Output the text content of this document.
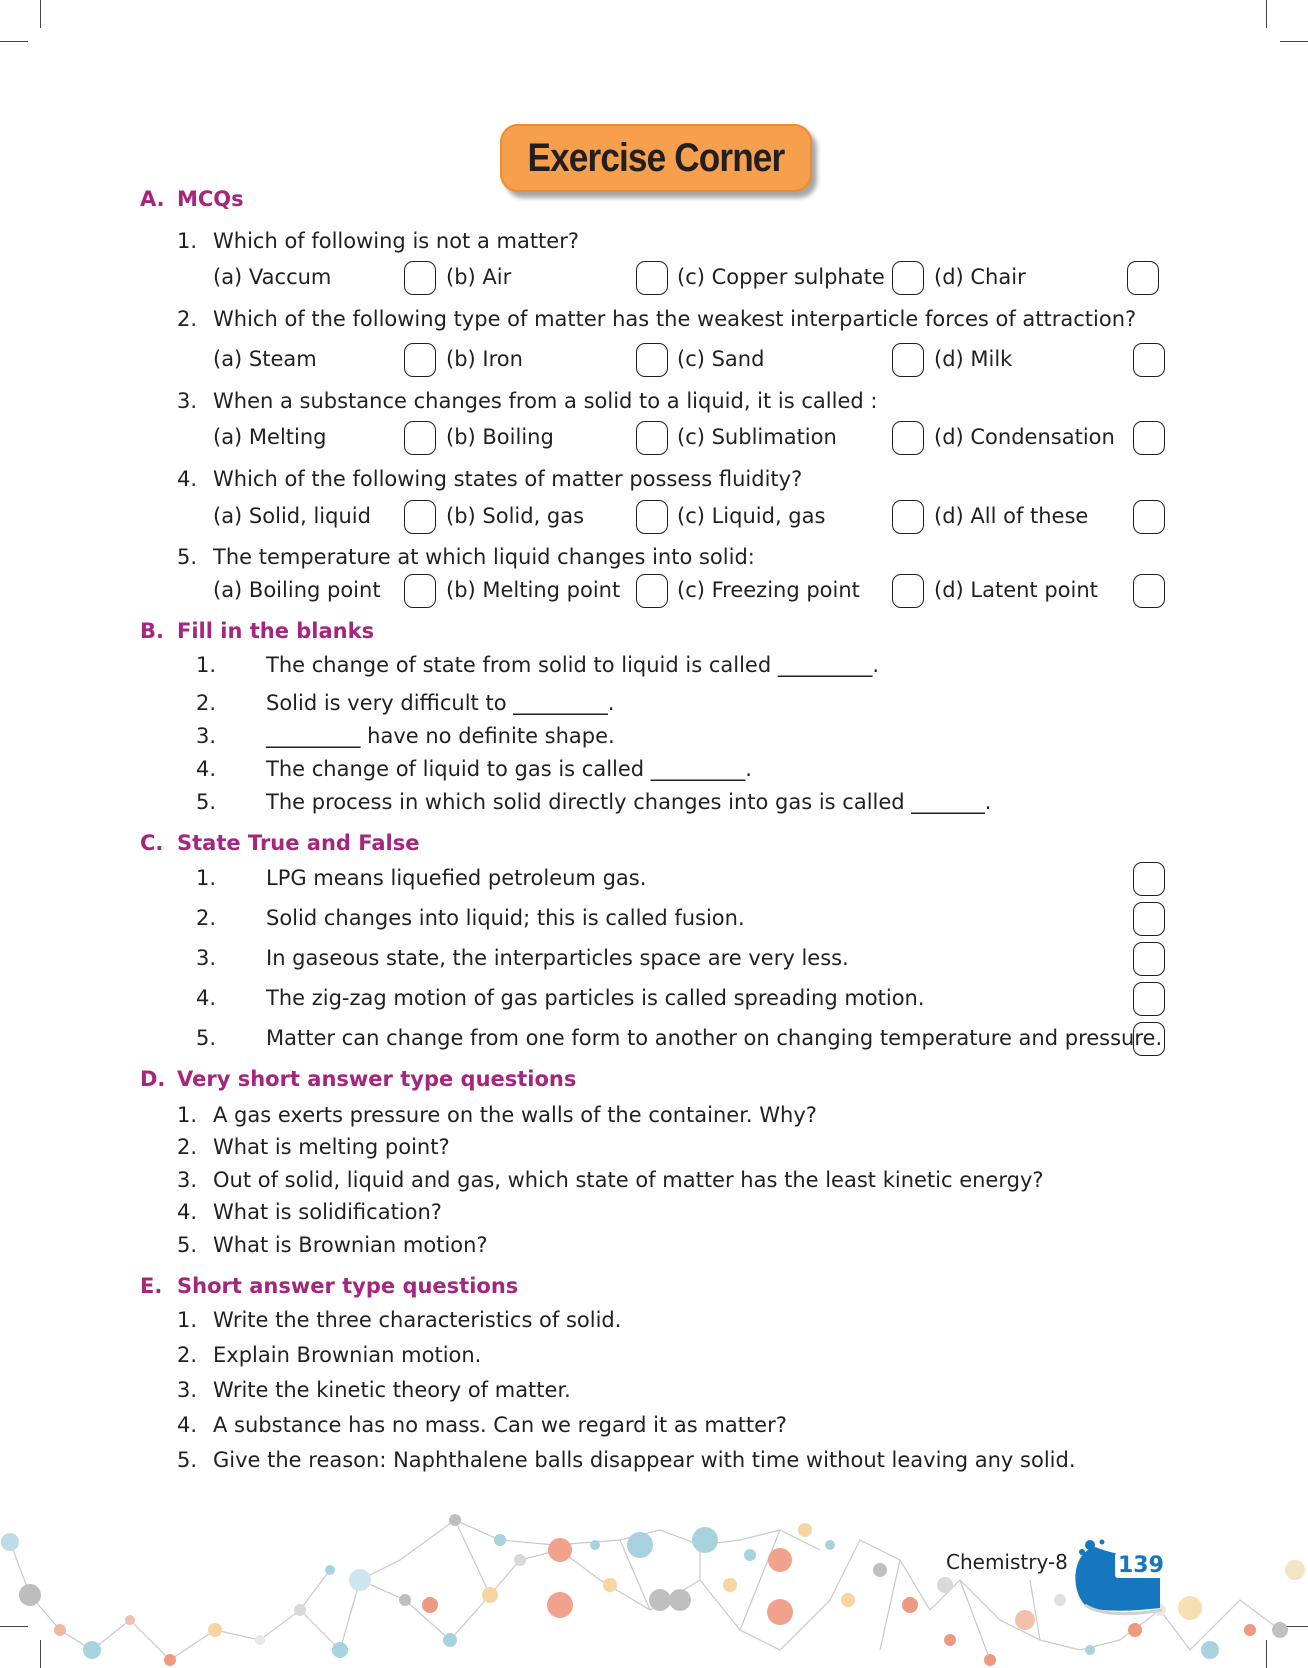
Exercise Corner
A. MCQs
1. Which of following is not a matter?
(a) Vaccum	(b) Air	(c) Copper sulphate (d) Chair
2. Which of the following type of matter has the weakest interparticle forces of attraction?
(a) Steam	(b) Iron	(c) Sand	(d) Milk
3. When a substance changes from a solid to a liquid, it is called :
(a) Melting	(b) Boiling	(c) Sublimation	(d) Condensation
4. Which of the following states of matter possess fluidity?
(a) Solid, liquid	(b) Solid, gas	(c) Liquid, gas	(d) All of these
5. The temperature at which liquid changes into solid:
(a) Boiling point	(b) Melting point	(c) Freezing point	(d) Latent point
B. Fill in the blanks
1. The change of state from solid to liquid is called _________.
2. Solid is very difficult to _________.
3. _________ have no definite shape.
4. The change of liquid to gas is called _________.
5. The process in which solid directly changes into gas is called _______.
C. State True and False
1. LPG means liquefied petroleum gas.
2. Solid changes into liquid; this is called fusion.
3. In gaseous state, the interparticles space are very less.
4. The zig-zag motion of gas particles is called spreading motion.
5. Matter can change from one form to another on changing temperature and pressure.
D. Very short answer type questions
1. A gas exerts pressure on the walls of the container. Why?
2. What is melting point?
3. Out of solid, liquid and gas, which state of matter has the least kinetic energy?
4. What is solidification?
5. What is Brownian motion?
E. Short answer type questions
1. Write the three characteristics of solid.
2. Explain Brownian motion.
3. Write the kinetic theory of matter.
4. A substance has no mass. Can we regard it as matter?
5. Give the reason: Naphthalene balls disappear with time without leaving any solid.
Chemistry-8 139
